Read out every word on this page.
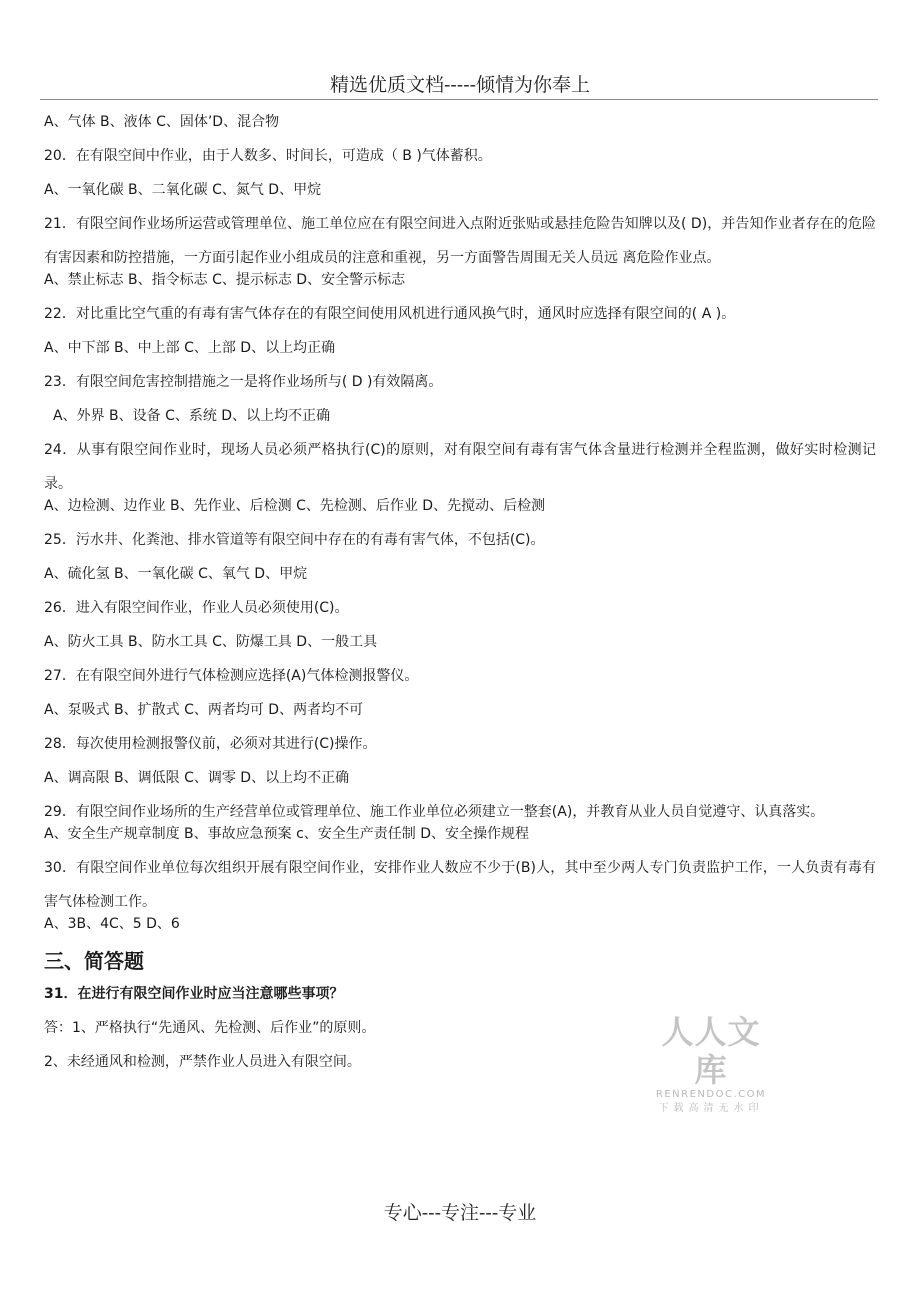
精选优质文档-----倾情为你奉上
A、气体 B、液体 C、固体’D、混合物
20．在有限空间中作业，由于人数多、时间长，可造成（ B )气体蓄积。
A、一氧化碳 B、二氧化碳 C、氮气 D、甲烷
21．有限空间作业场所运营或管理单位、施工单位应在有限空间进入点附近张贴或悬挂危险告知牌以及( D)，并告知作业者存在的危险有害因素和防控措施，一方面引起作业小组成员的注意和重视，另一方面警告周围无关人员远 离危险作业点。
A、禁止标志 B、指令标志 C、提示标志 D、安全警示标志
22．对比重比空气重的有毒有害气体存在的有限空间使用风机进行通风换气时，通风时应选择有限空间的( A )。
A、中下部 B、中上部 C、上部 D、以上均正确
23．有限空间危害控制措施之一是将作业场所与( D )有效隔离。
A、外界 B、设备 C、系统 D、以上均不正确
24．从事有限空间作业时，现场人员必须严格执行(C)的原则，对有限空间有毒有害气体含量进行检测并全程监测，做好实时检测记录。
A、边检测、边作业 B、先作业、后检测 C、先检测、后作业 D、先搅动、后检测
25．污水井、化粪池、排水管道等有限空间中存在的有毒有害气体，不包括(C)。
A、硫化氢 B、一氧化碳 C、氧气 D、甲烷
26．进入有限空间作业，作业人员必须使用(C)。
A、防火工具 B、防水工具 C、防爆工具 D、一般工具
27．在有限空间外进行气体检测应选择(A)气体检测报警仪。
A、泵吸式 B、扩散式 C、两者均可 D、两者均不可
28．每次使用检测报警仪前，必须对其进行(C)操作。
A、调高限 B、调低限 C、调零 D、以上均不正确
29．有限空间作业场所的生产经营单位或管理单位、施工作业单位必须建立一整套(A)，并教育从业人员自觉遵守、认真落实。
A、安全生产规章制度 B、事故应急预案 c、安全生产责任制 D、安全操作规程
30．有限空间作业单位每次组织开展有限空间作业，安排作业人数应不少于(B)人，其中至少两人专门负责监护工作，一人负责有毒有害气体检测工作。
A、3B、4C、5 D、6
三、简答题
31．在进行有限空间作业时应当注意哪些事项？
答：1、严格执行“先通风、先检测、后作业”的原则。
2、未经通风和检测，严禁作业人员进入有限空间。
人人文库
RENRENDOC.COM
下载高清无水印
专心---专注---专业
